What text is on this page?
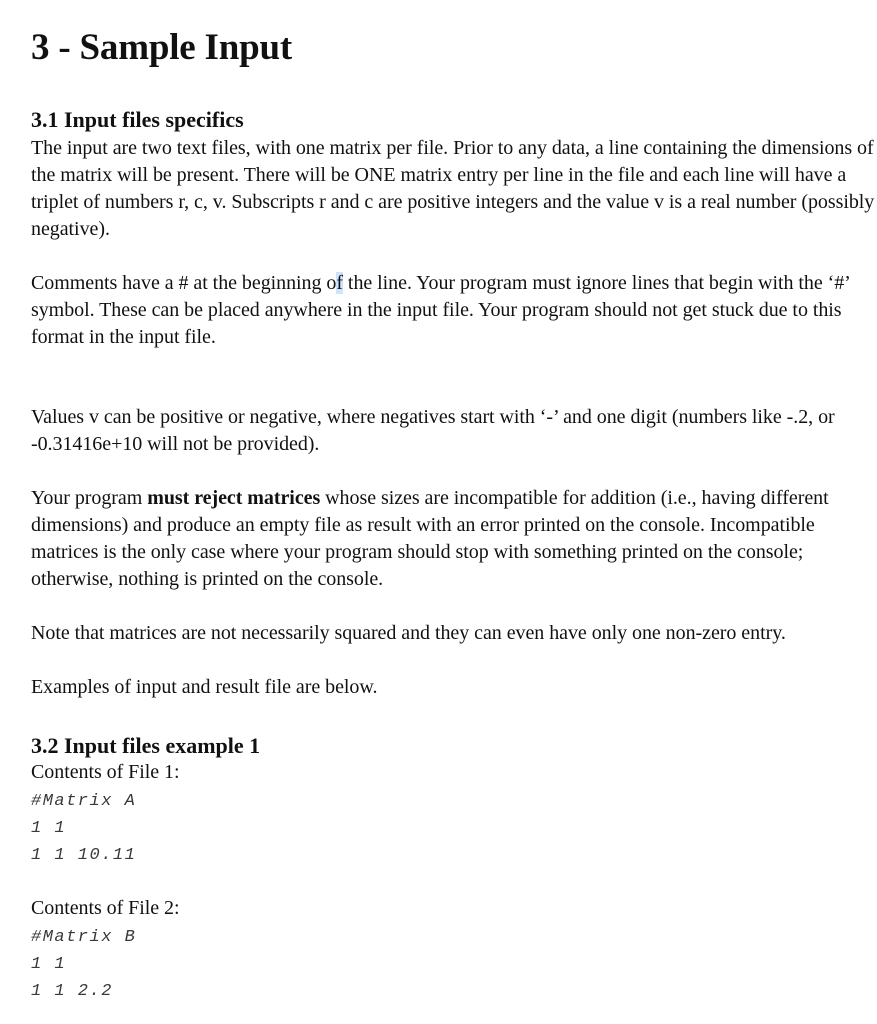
3 - Sample Input
3.1 Input files specifics

The input are two text files, with one matrix per file. Prior to any data, a line containing the dimensions of the matrix will be present. There will be ONE matrix entry per line in the file and each line will have a triplet of numbers r, c, v. Subscripts r and c are positive integers and the value v is a real number (possibly negative).

Comments have a # at the beginning of the line. Your program must ignore lines that begin with the ‘#’ symbol. These can be placed anywhere in the input file. Your program should not get stuck due to this format in the input file.

Values v can be positive or negative, where negatives start with ‘-’ and one digit (numbers like -.2, or -0.31416e+10 will not be provided).

Your program must reject matrices whose sizes are incompatible for addition (i.e., having different dimensions) and produce an empty file as result with an error printed on the console. Incompatible matrices is the only case where your program should stop with something printed on the console; otherwise, nothing is printed on the console.

Note that matrices are not necessarily squared and they can even have only one non-zero entry.

Examples of input and result file are below.

3.2 Input files example 1

Contents of File 1:

#Matrix A
1 1
1 1 10.11

Contents of File 2:

#Matrix B
1 1
1 1 2.2
